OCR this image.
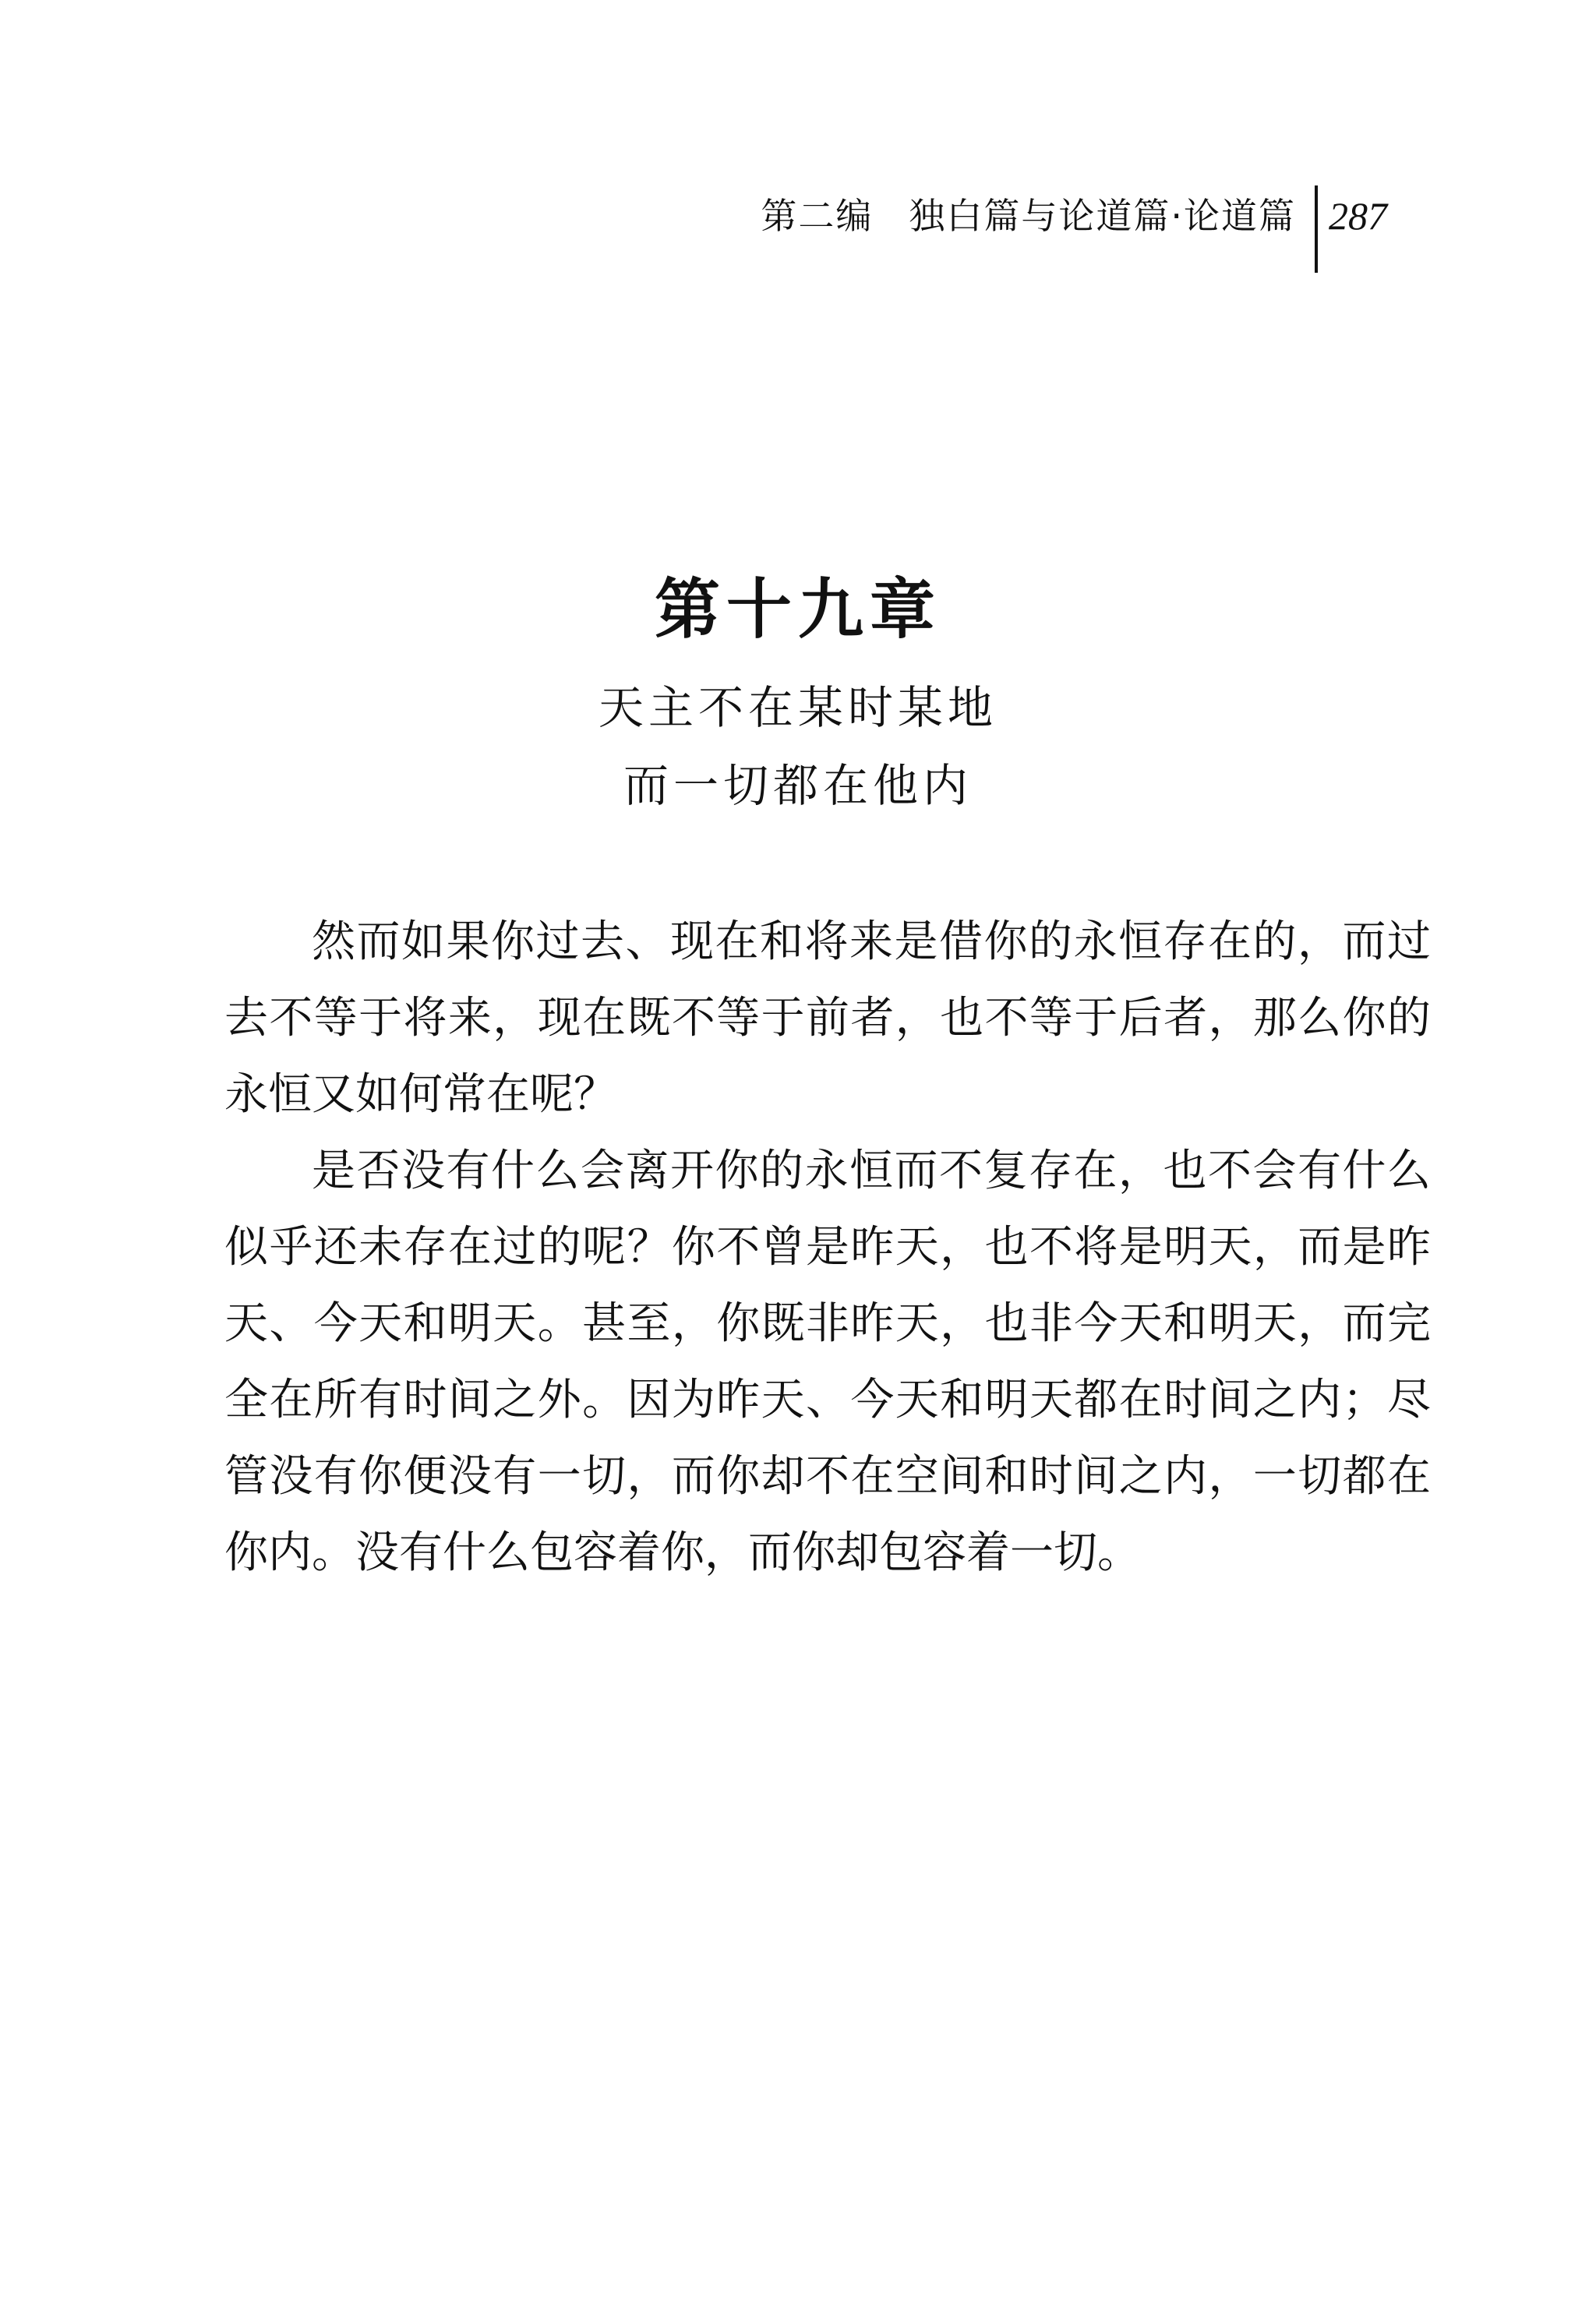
第二编 独白篇与论道篇·论道篇 287
第十九章
天主不在某时某地
而一切都在他内

然而如果你过去、现在和将来是借你的永恒存在的，而过去不等于将来，现在既不等于前者，也不等于后者，那么你的永恒又如何常在呢？

是否没有什么会离开你的永恒而不复存在，也不会有什么似乎还未存在过的呢？你不曾是昨天，也不将是明天，而是昨天、今天和明天。甚至，你既非昨天，也非今天和明天，而完全在所有时间之外。因为昨天、今天和明天都在时间之内；尽管没有你便没有一切，而你却不在空间和时间之内，一切都在你内。没有什么包容着你，而你却包容着一切。
